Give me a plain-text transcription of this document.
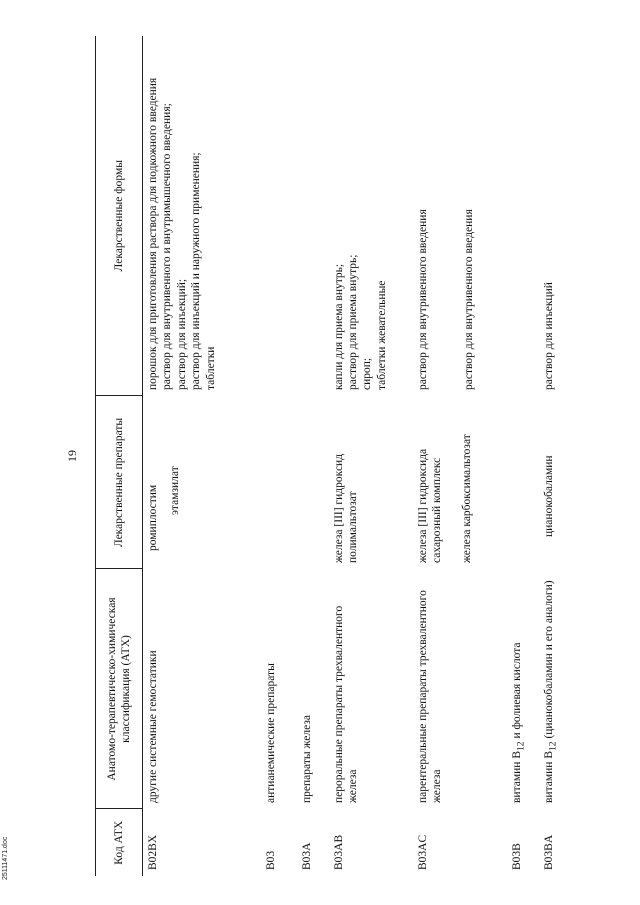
19
Код АТХ	Анатомо-терапевтическо-химическая классификация (АТХ)	Лекарственные препараты	Лекарственные формы
B02BX	другие системные гемостатики	ромиплостим этамзилат	порошок для приготовления раствора для подкожного введения раствор для внутривенного и внутримышечного введения; раствор для инъекций; раствор для инъекций и наружного применения; таблетки

B03	антианемические препараты		
B03A	препараты железа		
B03AB	пероральные препараты трехвалентного железа	железа [III] гидроксид полимальтозат	капли для приема внутрь; раствор для приема внутрь; сироп; таблетки жевательные

B03AC	парентеральные препараты трехвалентного железа	железа [III] гидроксида сахарозный комплекс железа карбоксимальтозат	раствор для внутривенного введения раствор для внутривенного введения

B03B	витамин $B_{12}$ и фолиевая кислота		
B03BA	витамин $B_{12}$ (цианокобаламин и его аналоги)	цианокобаламин	раствор для инъекций
25111471.doc
